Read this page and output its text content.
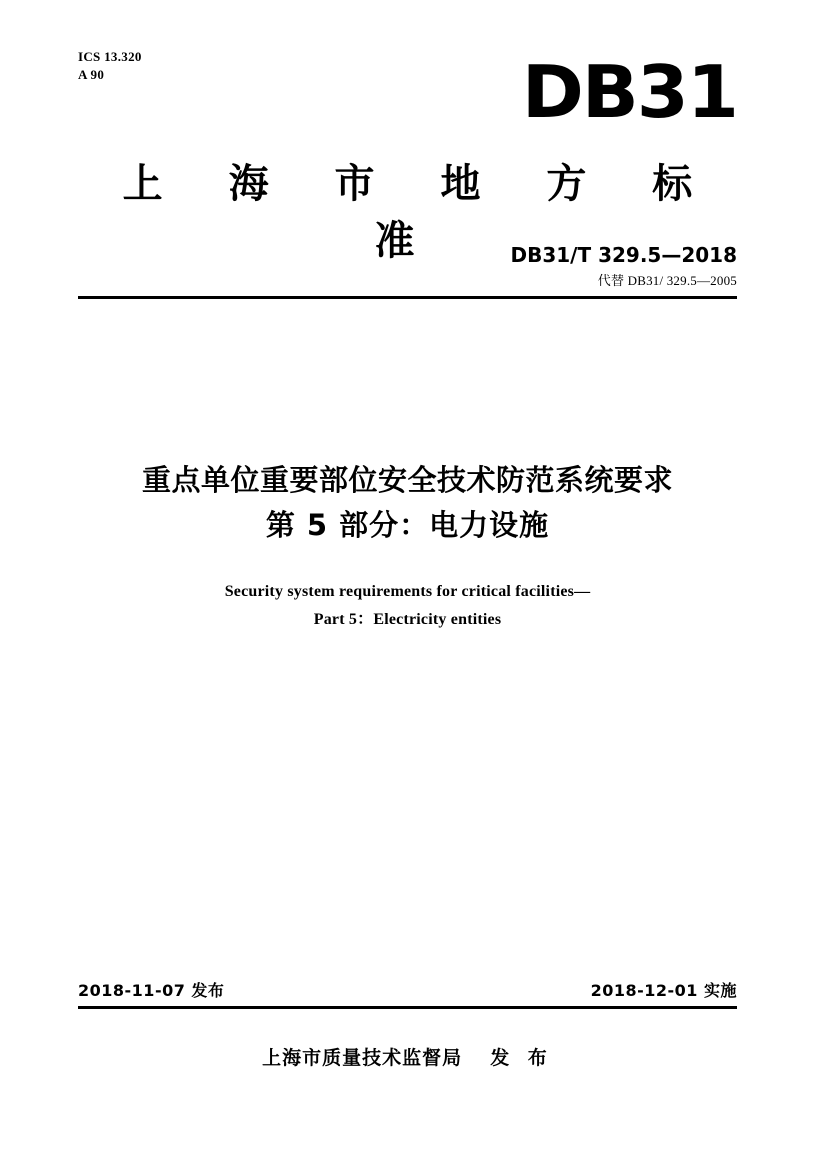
ICS 13.320
A 90	DB31
上 海 市 地 方 标 准	DB31/T 329.5—2018
代替 DB31/ 329.5—2005
重点单位重要部位安全技术防范系统要求
第 5 部分：电力设施
Security system requirements for critical facilities—
Part 5：Electricity entities
2018-11-07 发布	2018-12-01 实施
上海市质量技术监督局 发 布
